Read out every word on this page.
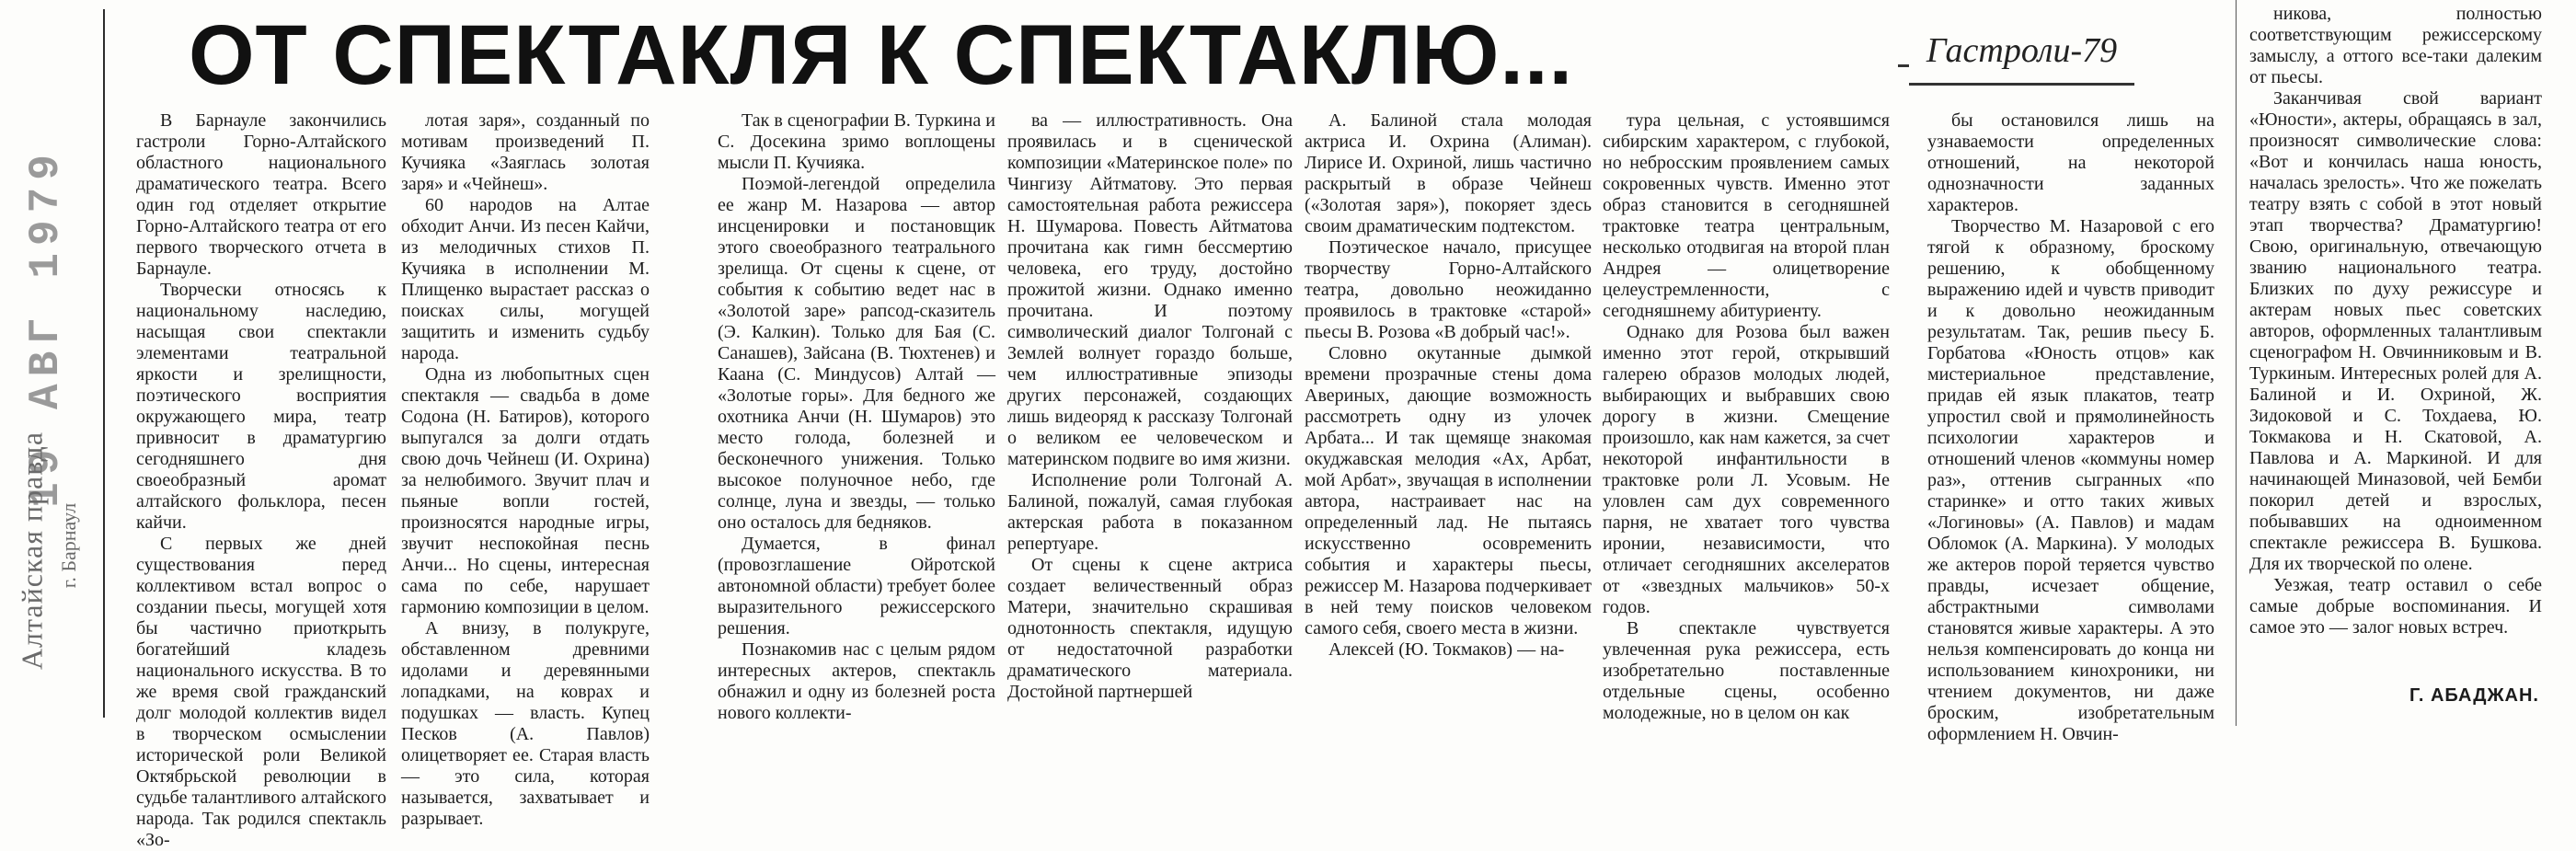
19 АВГ 1979
Алтайская правда г. Барнаул
ОТ СПЕКТАКЛЯ К СПЕКТАКЛЮ...	Гастроли-79

В Барнауле закончились гастроли Горно-Алтайского областного национального драматического театра. Всего один год отделяет открытие Горно-Алтайского театра от его первого творческого отчета в Барнауле.

Творчески относясь к национальному наследию, насыщая свои спектакли элементами театральной яркости и зрелищности, поэтического восприятия окружающего мира, театр привносит в драматургию сегодняшнего дня своеобразный аромат алтайского фольклора, песен кайчи.

С первых же дней существования перед коллективом встал вопрос о создании пьесы, могущей хотя бы частично приоткрыть богатейший кладезь национального искусства. В то же время свой гражданский долг молодой коллектив видел в творческом осмыслении исторической роли Великой Октябрьской революции в судьбе талантливого алтайского народа. Так родился спектакль «Зо-

лотая заря», созданный по мотивам произведений П. Кучияка «Заяглась золотая заря» и «Чейнеш».

60 народов на Алтае обходит Анчи. Из песен Кайчи, из мелодичных стихов П. Кучияка в исполнении М. Плищенко вырастает рассказ о поисках силы, могущей защитить и изменить судьбу народа.

Одна из любопытных сцен спектакля — свадьба в доме Содона (Н. Батиров), которого выпугался за долги отдать свою дочь Чейнеш (И. Охрина) за нелюбимого. Звучит плач и пьяные вопли гостей, произносятся народные игры, звучит неспокойная песнь Анчи... Но сцены, интересная сама по себе, нарушает гармонию композиции в целом.

А внизу, в полукруге, обставленном древними идолами и деревянными лопадками, на коврах и подушках — власть. Купец Песков (А. Павлов) олицетворяет ее. Старая власть — это сила, которая называется, захватывает и разрывает.

Так в сценографии В. Туркина и С. Досекина зримо воплощены мысли П. Кучияка.

Поэмой-легендой определила ее жанр М. Назарова — автор инсценировки и постановщик этого своеобразного театрального зрелища. От сцены к сцене, от события к событию ведет нас в «Золотой заре» рапсод-сказитель (Э. Калкин). Только для Бая (С. Санашев), Зайсана (В. Тюхтенев) и Каанa (С. Миндусов) Алтай — «Золотые горы». Для бедного же охотника Анчи (Н. Шумаров) это место голода, болезней и бесконечного унижения. Только высокое полуночное небо, где солнце, луна и звезды, — только оно осталось для бедняков.

Думается, в финал (провозглашение Ойротской автономной области) требует более выразительного режиссерского решения.

Познакомив нас с целым рядом интересных актеров, спектакль обнажил и одну из болезней роста нового коллекти-

ва — иллюстративность. Она проявилась и в сценической композиции «Материнское поле» по Чингизу Айтматову. Это первая самостоятельная работа режиссера Н. Шумарова. Повесть Айтматова прочитана как гимн бессмертию человека, его труду, достойно прожитой жизни. Однако именно прочитана. И поэтому символический диалог Толгонай с Землей волнует гораздо больше, чем иллюстративные эпизоды других персонажей, создающих лишь видеоряд к рассказу Толгонай о великом ее человеческом и материнском подвиге во имя жизни.

Исполнение роли Толгонай А. Балиной, пожалуй, самая глубокая актерская работа в показанном репертуаре.

От сцены к сцене актриса создает величественный образ Матери, значительно скрашивая однотонность спектакля, идущую от недостаточной разработки драматического материала. Достойной партнершей

А. Балиной стала молодая актриса И. Охрина (Алиман). Лирисе И. Охриной, лишь частично раскрытый в образе Чейнеш («Золотая заря»), покоряет здесь своим драматическим подтекстом.

Поэтическое начало, присущее творчеству Горно-Алтайского театра, довольно неожиданно проявилось в трактовке «старой» пьесы В. Розова «В добрый час!».

Словно окутанные дымкой времени прозрачные стены дома Авериных, дающие возможность рассмотреть одну из улочек Арбата... И так щемяще знакомая окуджавская мелодия «Ах, Арбат, мой Арбат», звучащая в исполнении автора, настраивает нас на определенный лад. Не пытаясь искусственно осовременить события и характеры пьесы, режиссер М. Назарова подчеркивает в ней тему поисков человеком самого себя, своего места в жизни.

Алексей (Ю. Токмаков) — на-

тура цельная, с устоявшимся сибирским характером, с глубокой, но небросским проявлением самых сокровенных чувств. Именно этот образ становится в сегодняшней трактовке театра центральным, несколько отодвигая на второй план Андрея — олицетворение целеустремленности, с сегодняшнему абитуриенту.

Однако для Розова был важен именно этот герой, открывший галерею образов молодых людей, выбирающих и выбравших свою дорогу в жизни. Смещение произошло, как нам кажется, за счет некоторой инфантильности в трактовке роли Л. Усовым. Не уловлен сам дух современного парня, не хватает того чувства иронии, независимости, что отличает сегодняшних акселератов от «звездных мальчиков» 50-х годов.

В спектакле чувствуется увлеченная рука режиссера, есть изобретательно поставленные отдельные сцены, особенно молодежные, но в целом он как

бы остановился лишь на узнаваемости определенных отношений, на некоторой однозначности заданных характеров.

Творчество М. Назаровой с его тягой к образному, броскому решению, к обобщенному выражению идей и чувств приводит и к довольно неожиданным результатам. Так, решив пьесу Б. Горбатова «Юность отцов» как мистериальное представление, придав ей язык плакатов, театр упростил свой и прямолинейность психологии характеров и отношений членов «коммуны номер раз», оттенив сыгранных «по старинке» и отто таких живых «Логиновы» (А. Павлов) и мадам Обломок (А. Маркина). У молодых же актеров порой теряется чувство правды, исчезает общение, абстрактными символами становятся живые характеры. А это нельзя компенсировать до конца ни использованием кинохроники, ни чтением документов, ни даже броским, изобретательным оформлением Н. Овчин-

никова, полностью соответствующим режиссерскому замыслу, а оттого все-таки далеким от пьесы.

Заканчивая свой вариант «Юности», актеры, обращаясь в зал, произносят символические слова: «Вот и кончилась наша юность, началась зрелость». Что же пожелать театру взять с собой в этот новый этап творчества? Драматургию! Свою, оригинальную, отвечающую званию национального театра. Близких по духу режиссуре и актерам новых пьес советских авторов, оформленных талантливым сценографом Н. Овчинниковым и В. Туркиным. Интересных ролей для А. Балиной и И. Охриной, Ж. Зидоковой и С. Тохдаева, Ю. Токмакова и Н. Скатовой, А. Павлова и А. Маркиной. И для начинающей Миназовой, чей Бемби покорил детей и взрослых, побывавших на одноименном спектакле режиссера В. Бушкова. Для их творческой по олене.

Уезжая, театр оставил о себе самые добрые воспоминания. И самое это — залог новых встреч.

Г. АБАДЖАН.
